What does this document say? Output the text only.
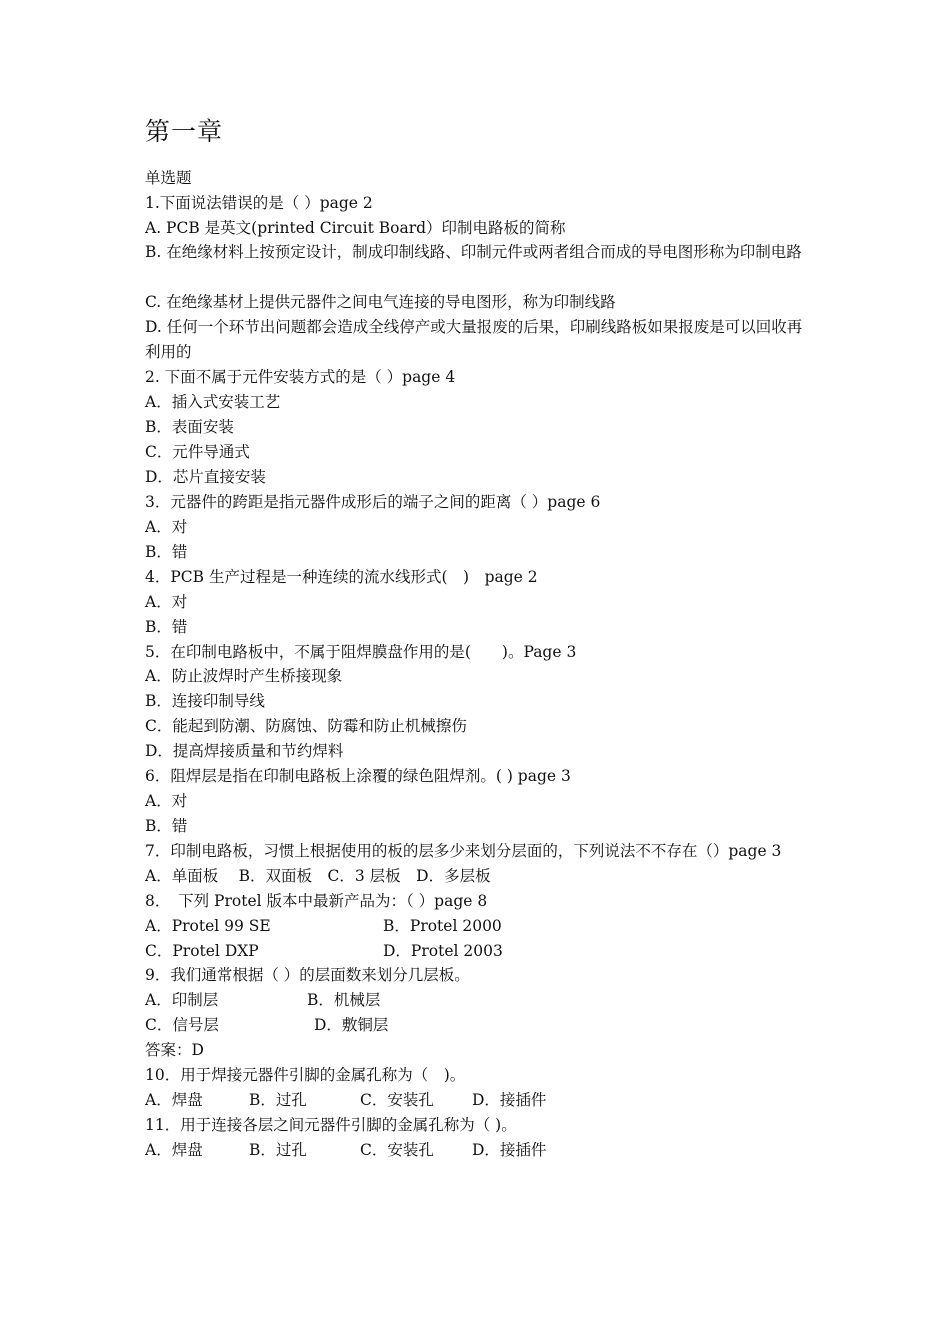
第一章
单选题
1.下面说法错误的是（ ）page 2
A. PCB 是英文(printed Circuit Board）印制电路板的简称
B. 在绝缘材料上按预定设计，制成印制线路、印制元件或两者组合而成的导电图形称为印制电路
C. 在绝缘基材上提供元器件之间电气连接的导电图形，称为印制线路
D. 任何一个环节出问题都会造成全线停产或大量报废的后果，印刷线路板如果报废是可以回收再利用的
2. 下面不属于元件安装方式的是（ ）page 4
A．插入式安装工艺
B．表面安装
C．元件导通式
D．芯片直接安装
3．元器件的跨距是指元器件成形后的端子之间的距离（ ）page 6
A．对
B．错
4．PCB 生产过程是一种连续的流水线形式(　)　page 2
A．对
B．错
5．在印制电路板中，不属于阻焊膜盘作用的是(　　)。Page 3
A．防止波焊时产生桥接现象
B．连接印制导线
C．能起到防潮、防腐蚀、防霉和防止机械擦伤
D．提高焊接质量和节约焊料
6．阻焊层是指在印制电路板上涂覆的绿色阻焊剂。( ) page 3
A．对
B．错
7．印制电路板，习惯上根据使用的板的层多少来划分层面的，下列说法不不存在（）page 3
A．单面板　 B．双面板　C．3 层板　D．多层板
8．　下列 Protel 版本中最新产品为：（ ）page 8
A．Protel 99 SE	B．Protel 2000
C．Protel DXP	D．Protel 2003
9．我们通常根据（ ）的层面数来划分几层板。
A．印制层	B．机械层
C．信号层	D．敷铜层
答案：D
10．用于焊接元器件引脚的金属孔称为（　)。
A．焊盘	B．过孔	C．安装孔 D．接插件
11．用于连接各层之间元器件引脚的金属孔称为（ )。
A．焊盘	B．过孔	C．安装孔 D．接插件
